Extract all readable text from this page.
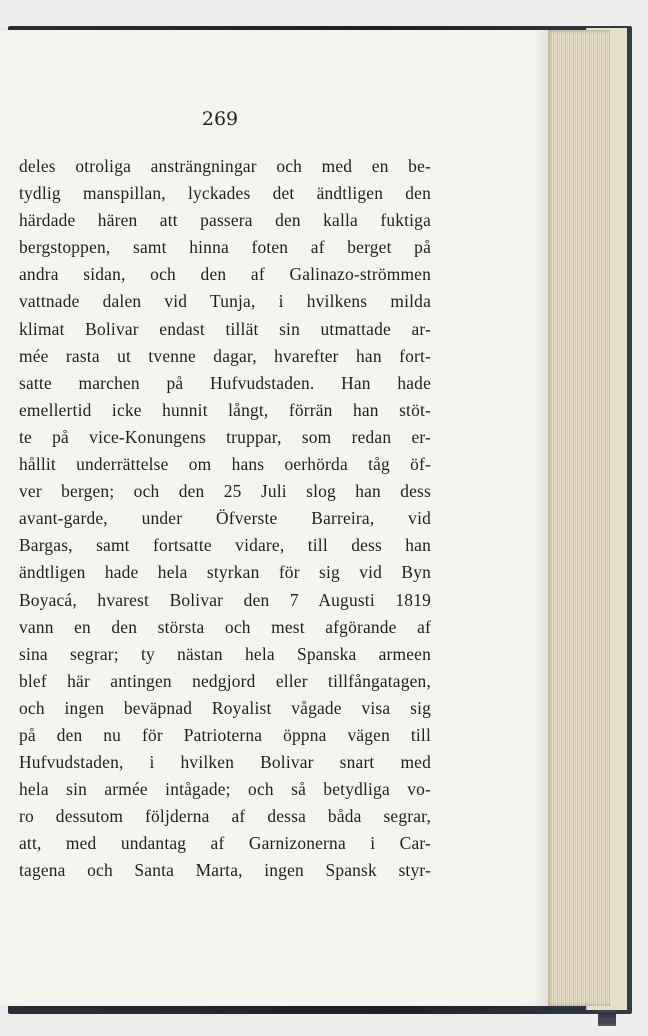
269
deles otroliga ansträngningar och med en be-
tydlig manspillan, lyckades det ändtligen den
härdade hären att passera den kalla fuktiga
bergstoppen, samt hinna foten af berget på
andra sidan, och den af Galinazo-strömmen
vattnade dalen vid Tunja, i hvilkens milda
klimat Bolivar endast tillät sin utmattade ar-
mée rasta ut tvenne dagar, hvarefter han fort-
satte marchen på Hufvudstaden. Han hade
emellertid icke hunnit långt, förrän han stöt-
te på vice-Konungens truppar, som redan er-
hållit underrättelse om hans oerhörda tåg öf-
ver bergen; och den 25 Juli slog han dess
avant-garde, under Öfverste Barreira, vid
Bargas, samt fortsatte vidare, till dess han
ändtligen hade hela styrkan för sig vid Byn
Boyacá, hvarest Bolivar den 7 Augusti 1819
vann en den största och mest afgörande af
sina segrar; ty nästan hela Spanska armeen
blef här antingen nedgjord eller tillfångatagen,
och ingen beväpnad Royalist vågade visa sig
på den nu för Patrioterna öppna vägen till
Hufvudstaden, i hvilken Bolivar snart med
hela sin armée intågade; och så betydliga vo-
ro dessutom följderna af dessa båda segrar,
att, med undantag af Garnizonerna i Car-
tagena och Santa Marta, ingen Spansk styr-
